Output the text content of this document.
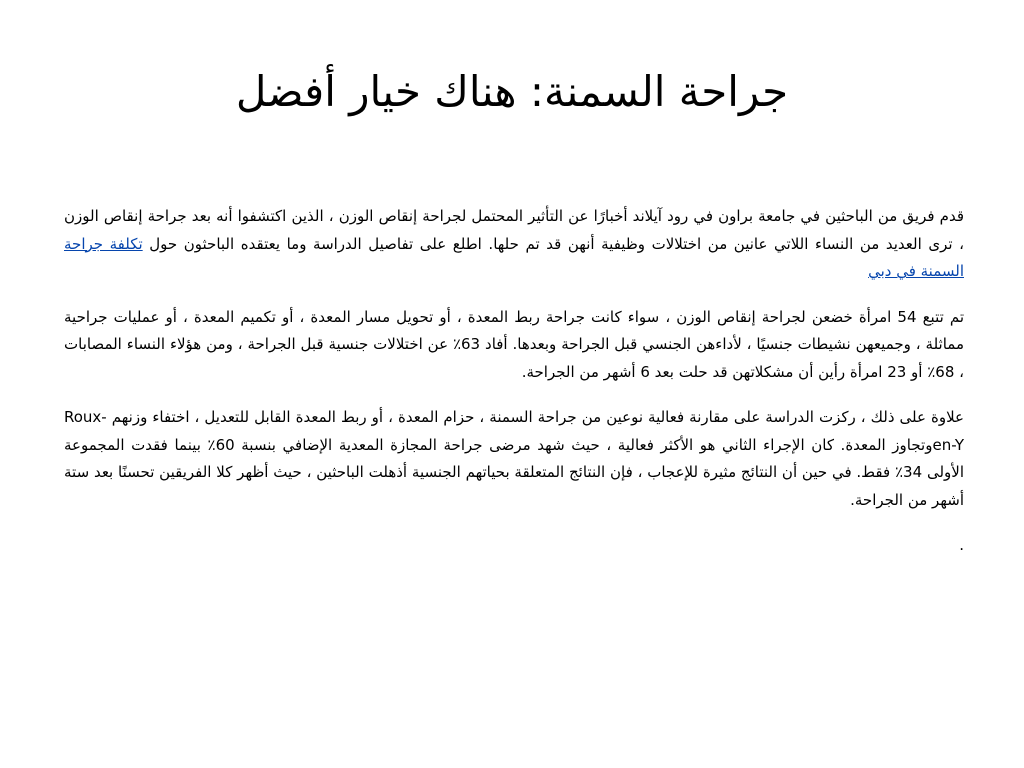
جراحة السمنة: هناك خيار أفضل

قدم فريق من الباحثين في جامعة براون في رود آيلاند أخبارًا عن التأثير المحتمل لجراحة إنقاص الوزن ، الذين اكتشفوا أنه بعد جراحة إنقاص الوزن ، ترى العديد من النساء اللاتي عانين من اختلالات وظيفية أنهن قد تم حلها. اطلع على تفاصيل الدراسة وما يعتقده الباحثون حول تكلفة جراحة السمنة في دبي

تم تتبع 54 امرأة خضعن لجراحة إنقاص الوزن ، سواء كانت جراحة ربط المعدة ، أو تحويل مسار المعدة ، أو تكميم المعدة ، أو عمليات جراحية مماثلة ، وجميعهن نشيطات جنسيًا ، لأداءهن الجنسي قبل الجراحة وبعدها. أفاد 63٪ عن اختلالات جنسية قبل الجراحة ، ومن هؤلاء النساء المصابات ، 68٪ أو 23 امرأة رأين أن مشكلاتهن قد حلت بعد 6 أشهر من الجراحة.

علاوة على ذلك ، ركزت الدراسة على مقارنة فعالية نوعين من جراحة السمنة ، حزام المعدة ، أو ربط المعدة القابل للتعديل ، اختفاء وزنهم Roux-en-Yوتجاوز المعدة. كان الإجراء الثاني هو الأكثر فعالية ، حيث شهد مرضى جراحة المجازة المعدية الإضافي بنسبة 60٪ بينما فقدت المجموعة الأولى 34٪ فقط. في حين أن النتائج مثيرة للإعجاب ، فإن النتائج المتعلقة بحياتهم الجنسية أذهلت الباحثين ، حيث أظهر كلا الفريقين تحسنًا بعد ستة أشهر من الجراحة.

.
